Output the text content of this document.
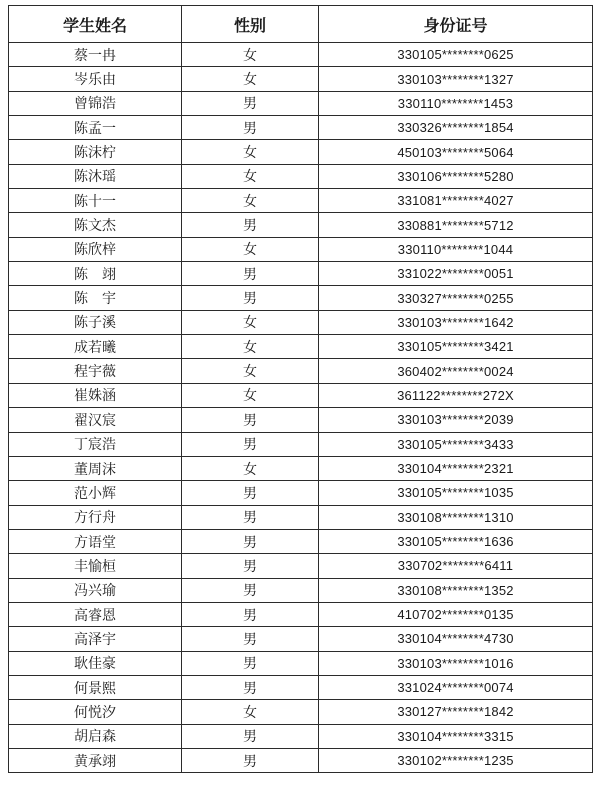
学生姓名	性别	身份证号
蔡一冉	女	330105********0625
岑乐由	女	330103********1327
曾锦浩	男	330110********1453
陈孟一	男	330326********1854
陈沫柠	女	450103********5064
陈沐瑶	女	330106********5280
陈十一	女	331081********4027
陈文杰	男	330881********5712
陈欣梓	女	330110********1044
陈　翊	男	331022********0051
陈　宇	男	330327********0255
陈子溪	女	330103********1642
成若曦	女	330105********3421
程宇薇	女	360402********0024
崔姝涵	女	361122********272X
翟汉宸	男	330103********2039
丁宸浩	男	330105********3433
董周沫	女	330104********2321
范小辉	男	330105********1035
方行舟	男	330108********1310
方语堂	男	330105********1636
丰愉桓	男	330702********6411
冯兴瑜	男	330108********1352
高睿恩	男	410702********0135
高泽宇	男	330104********4730
耿佳豪	男	330103********1016
何景熙	男	331024********0074
何悦汐	女	330127********1842
胡启森	男	330104********3315
黄承翊	男	330102********1235
